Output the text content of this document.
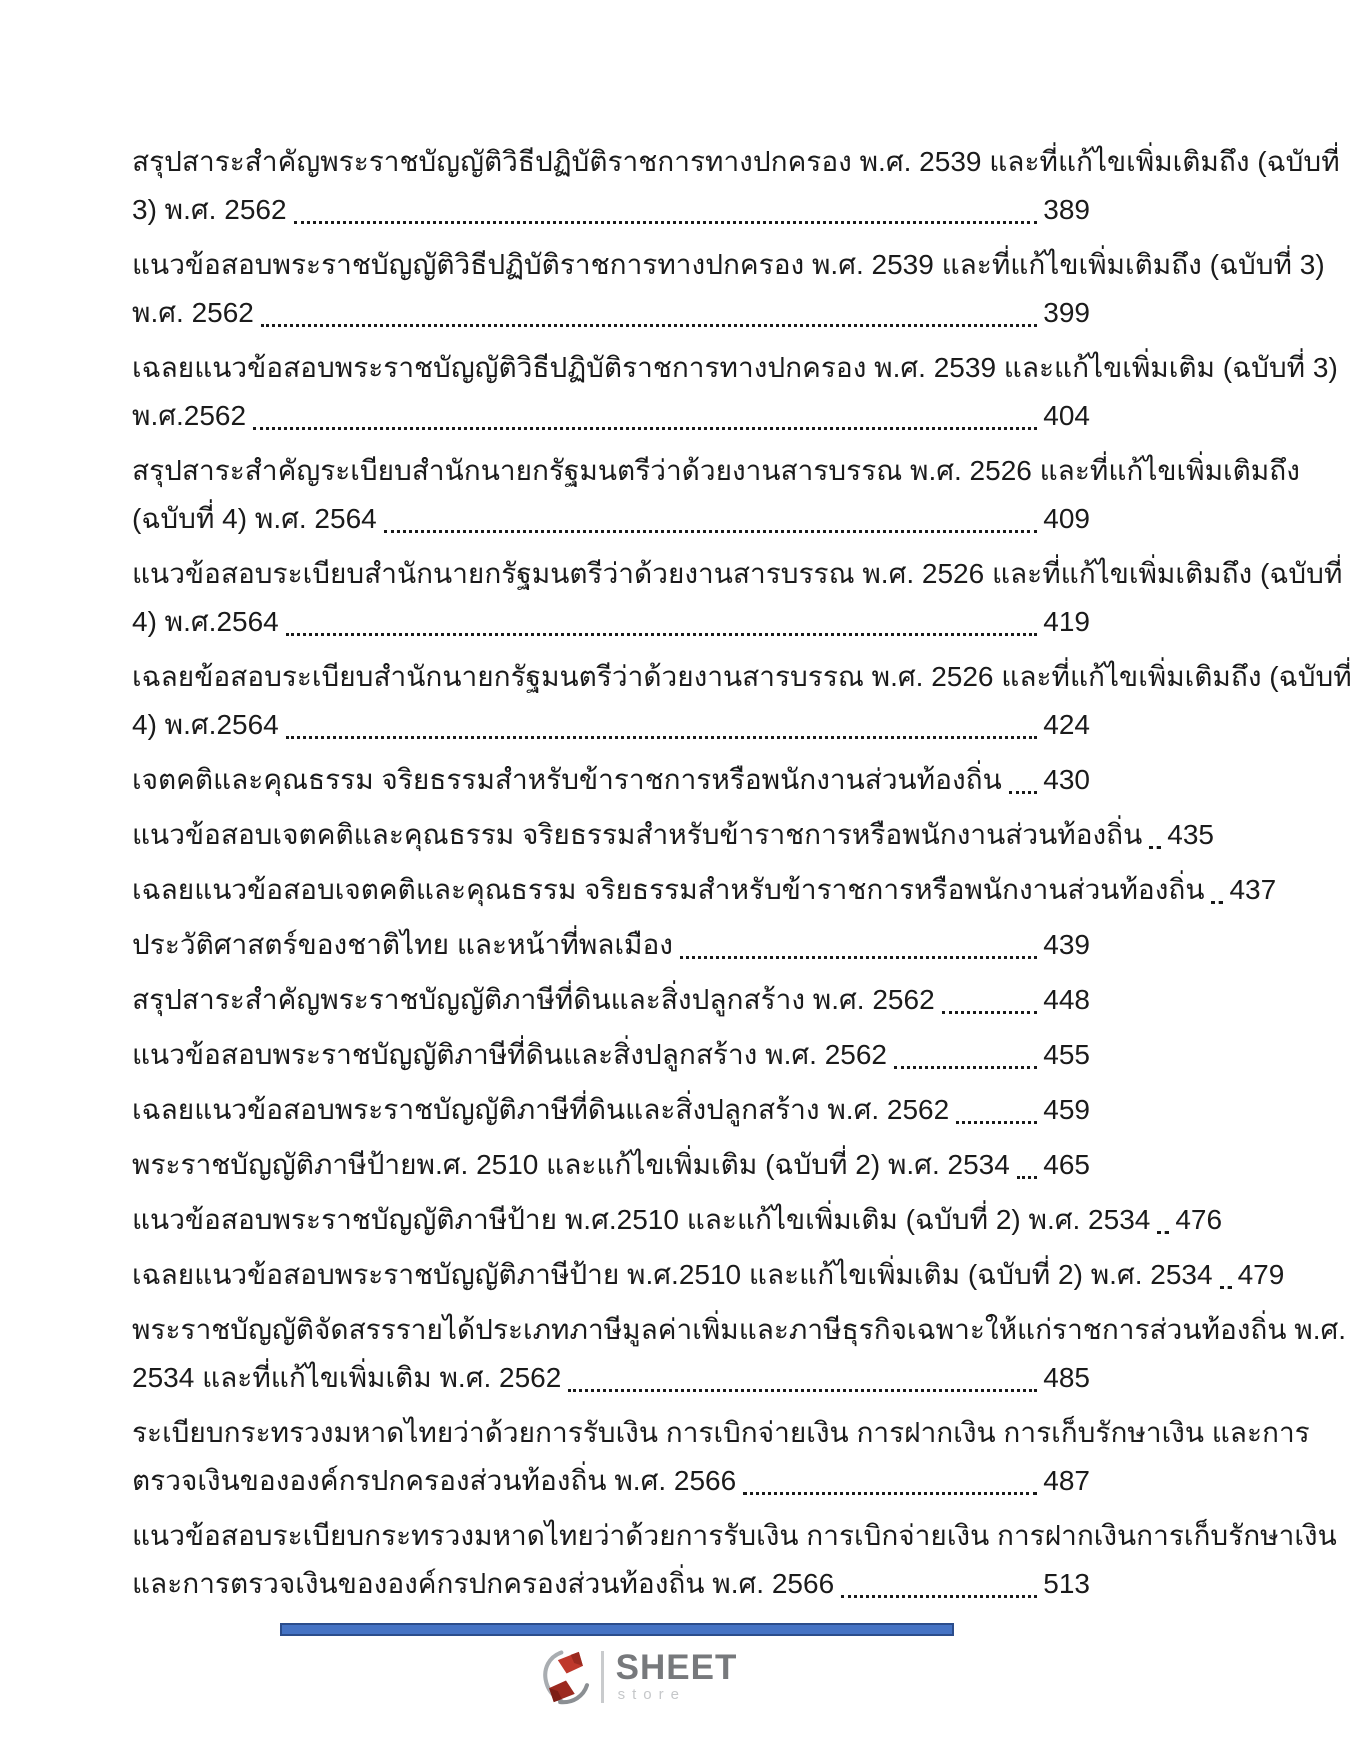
สรุปสาระสำคัญพระราชบัญญัติวิธีปฏิบัติราชการทางปกครอง พ.ศ. 2539 และที่แก้ไขเพิ่มเติมถึง (ฉบับที่
3) พ.ศ. 2562	389
แนวข้อสอบพระราชบัญญัติวิธีปฏิบัติราชการทางปกครอง พ.ศ. 2539 และที่แก้ไขเพิ่มเติมถึง (ฉบับที่ 3)
พ.ศ. 2562	399
เฉลยแนวข้อสอบพระราชบัญญัติวิธีปฏิบัติราชการทางปกครอง พ.ศ. 2539 และแก้ไขเพิ่มเติม (ฉบับที่ 3)
พ.ศ.2562	404
สรุปสาระสำคัญระเบียบสำนักนายกรัฐมนตรีว่าด้วยงานสารบรรณ พ.ศ. 2526 และที่แก้ไขเพิ่มเติมถึง
(ฉบับที่ 4) พ.ศ. 2564	409
แนวข้อสอบระเบียบสำนักนายกรัฐมนตรีว่าด้วยงานสารบรรณ พ.ศ. 2526 และที่แก้ไขเพิ่มเติมถึง (ฉบับที่
4) พ.ศ.2564	419
เฉลยข้อสอบระเบียบสำนักนายกรัฐมนตรีว่าด้วยงานสารบรรณ พ.ศ. 2526 และที่แก้ไขเพิ่มเติมถึง (ฉบับที่
4) พ.ศ.2564	424
เจตคติและคุณธรรม จริยธรรมสำหรับข้าราชการหรือพนักงานส่วนท้องถิ่น 430
แนวข้อสอบเจตคติและคุณธรรม จริยธรรมสำหรับข้าราชการหรือพนักงานส่วนท้องถิ่น 435
เฉลยแนวข้อสอบเจตคติและคุณธรรม จริยธรรมสำหรับข้าราชการหรือพนักงานส่วนท้องถิ่น 437
ประวัติศาสตร์ของชาติไทย และหน้าที่พลเมือง	439
สรุปสาระสำคัญพระราชบัญญัติภาษีที่ดินและสิ่งปลูกสร้าง พ.ศ. 2562	448
แนวข้อสอบพระราชบัญญัติภาษีที่ดินและสิ่งปลูกสร้าง พ.ศ. 2562	455
เฉลยแนวข้อสอบพระราชบัญญัติภาษีที่ดินและสิ่งปลูกสร้าง พ.ศ. 2562	459
พระราชบัญญัติภาษีป้ายพ.ศ. 2510 และแก้ไขเพิ่มเติม (ฉบับที่ 2) พ.ศ. 2534 465
แนวข้อสอบพระราชบัญญัติภาษีป้าย พ.ศ.2510 และแก้ไขเพิ่มเติม (ฉบับที่ 2) พ.ศ. 2534 476
เฉลยแนวข้อสอบพระราชบัญญัติภาษีป้าย พ.ศ.2510 และแก้ไขเพิ่มเติม (ฉบับที่ 2) พ.ศ. 2534 479
พระราชบัญญัติจัดสรรรายได้ประเภทภาษีมูลค่าเพิ่มและภาษีธุรกิจเฉพาะให้แก่ราชการส่วนท้องถิ่น พ.ศ.
2534 และที่แก้ไขเพิ่มเติม พ.ศ. 2562	485
ระเบียบกระทรวงมหาดไทยว่าด้วยการรับเงิน การเบิกจ่ายเงิน การฝากเงิน การเก็บรักษาเงิน และการ
ตรวจเงินขององค์กรปกครองส่วนท้องถิ่น พ.ศ. 2566	487
แนวข้อสอบระเบียบกระทรวงมหาดไทยว่าด้วยการรับเงิน การเบิกจ่ายเงิน การฝากเงินการเก็บรักษาเงิน
และการตรวจเงินขององค์กรปกครองส่วนท้องถิ่น พ.ศ. 2566	513
SHEET
store
